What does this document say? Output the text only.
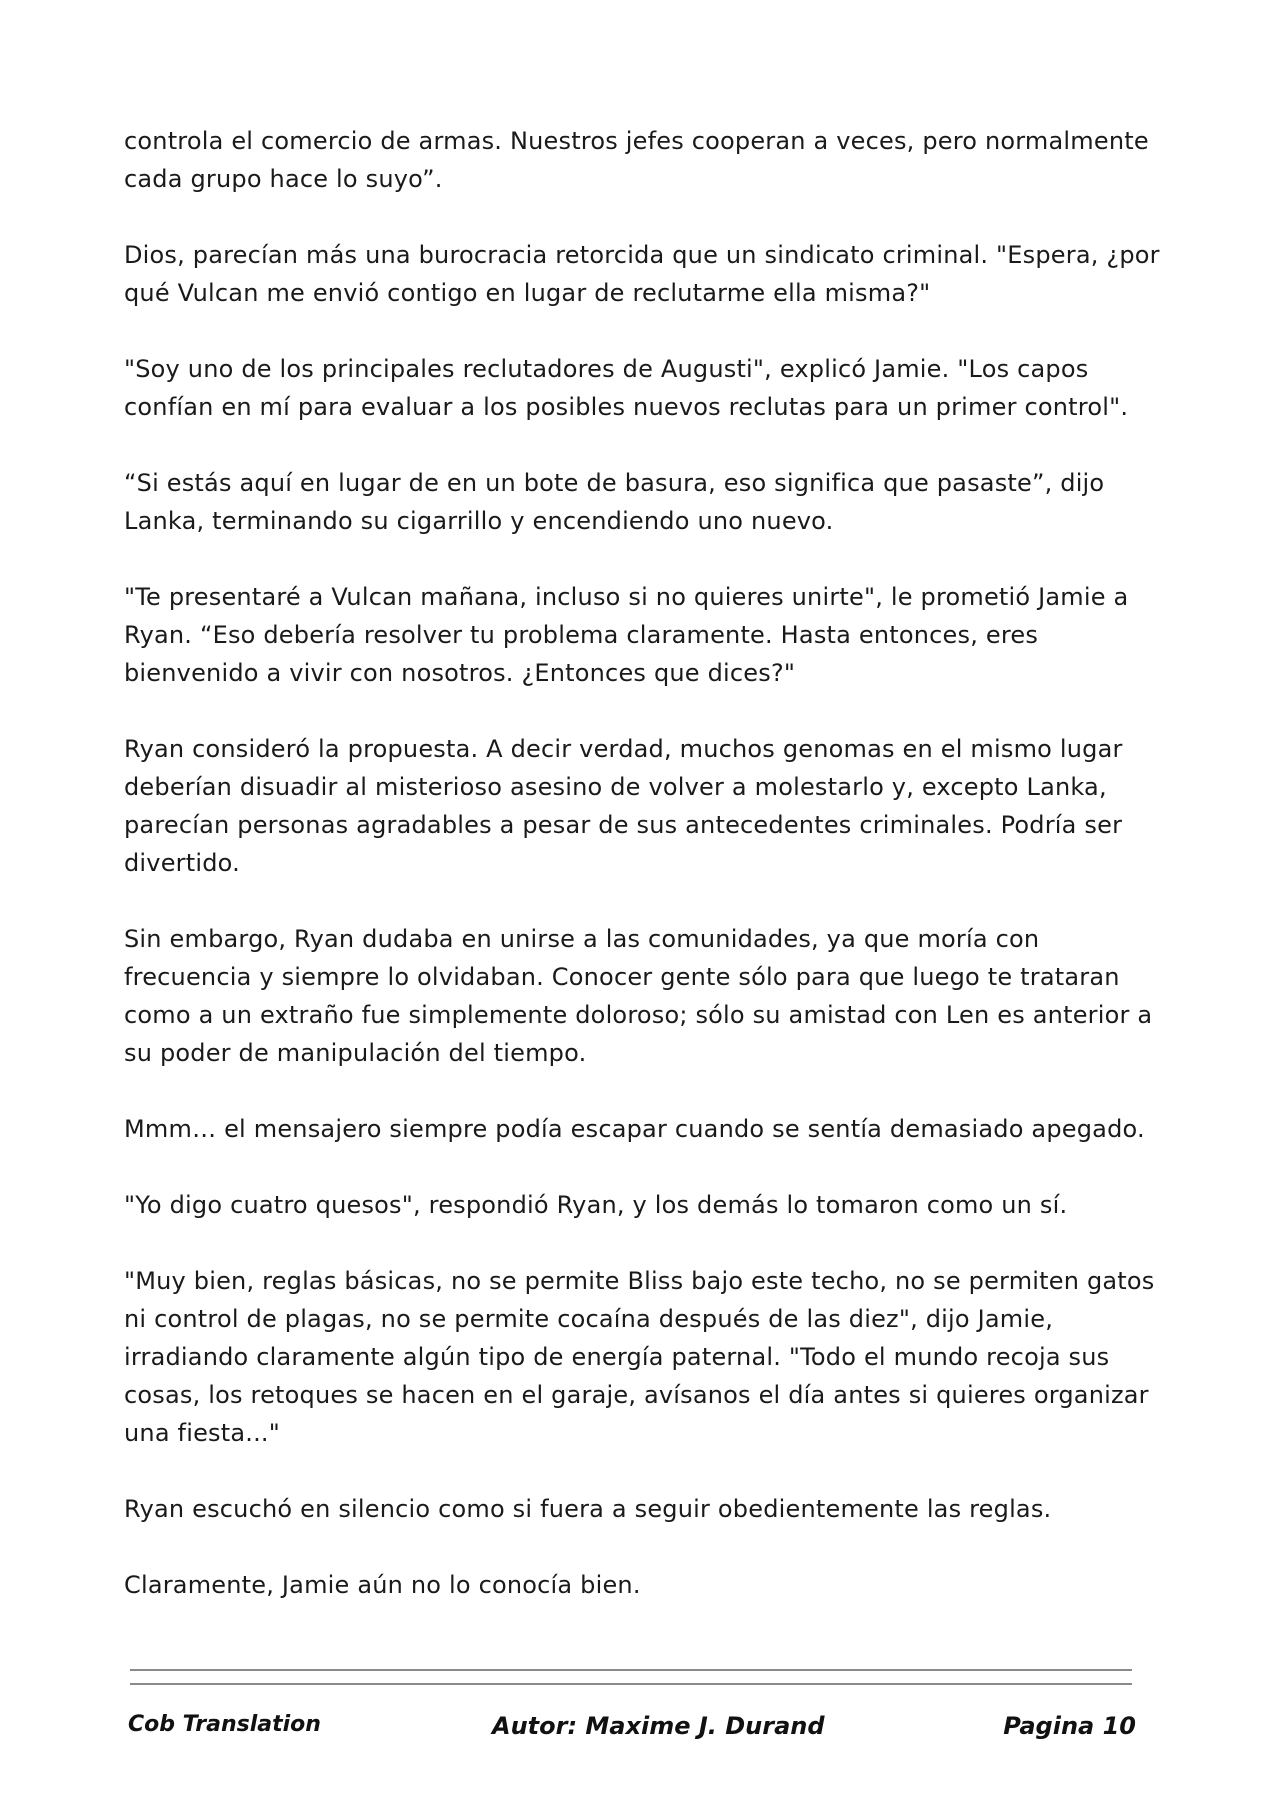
controla el comercio de armas. Nuestros jefes cooperan a veces, pero normalmente cada grupo hace lo suyo”.

Dios, parecían más una burocracia retorcida que un sindicato criminal. "Espera, ¿por qué Vulcan me envió contigo en lugar de reclutarme ella misma?"

"Soy uno de los principales reclutadores de Augusti", explicó Jamie. "Los capos confían en mí para evaluar a los posibles nuevos reclutas para un primer control".

“Si estás aquí en lugar de en un bote de basura, eso significa que pasaste”, dijo Lanka, terminando su cigarrillo y encendiendo uno nuevo.

"Te presentaré a Vulcan mañana, incluso si no quieres unirte", le prometió Jamie a Ryan. “Eso debería resolver tu problema claramente. Hasta entonces, eres bienvenido a vivir con nosotros. ¿Entonces que dices?"

Ryan consideró la propuesta. A decir verdad, muchos genomas en el mismo lugar deberían disuadir al misterioso asesino de volver a molestarlo y, excepto Lanka, parecían personas agradables a pesar de sus antecedentes criminales. Podría ser divertido.

Sin embargo, Ryan dudaba en unirse a las comunidades, ya que moría con frecuencia y siempre lo olvidaban. Conocer gente sólo para que luego te trataran como a un extraño fue simplemente doloroso; sólo su amistad con Len es anterior a su poder de manipulación del tiempo.

Mmm… el mensajero siempre podía escapar cuando se sentía demasiado apegado.

"Yo digo cuatro quesos", respondió Ryan, y los demás lo tomaron como un sí.

"Muy bien, reglas básicas, no se permite Bliss bajo este techo, no se permiten gatos ni control de plagas, no se permite cocaína después de las diez", dijo Jamie, irradiando claramente algún tipo de energía paternal. "Todo el mundo recoja sus cosas, los retoques se hacen en el garaje, avísanos el día antes si quieres organizar una fiesta..."

Ryan escuchó en silencio como si fuera a seguir obedientemente las reglas.

Claramente, Jamie aún no lo conocía bien.

Cob Translation	Autor: Maxime J. Durand	Pagina 10
